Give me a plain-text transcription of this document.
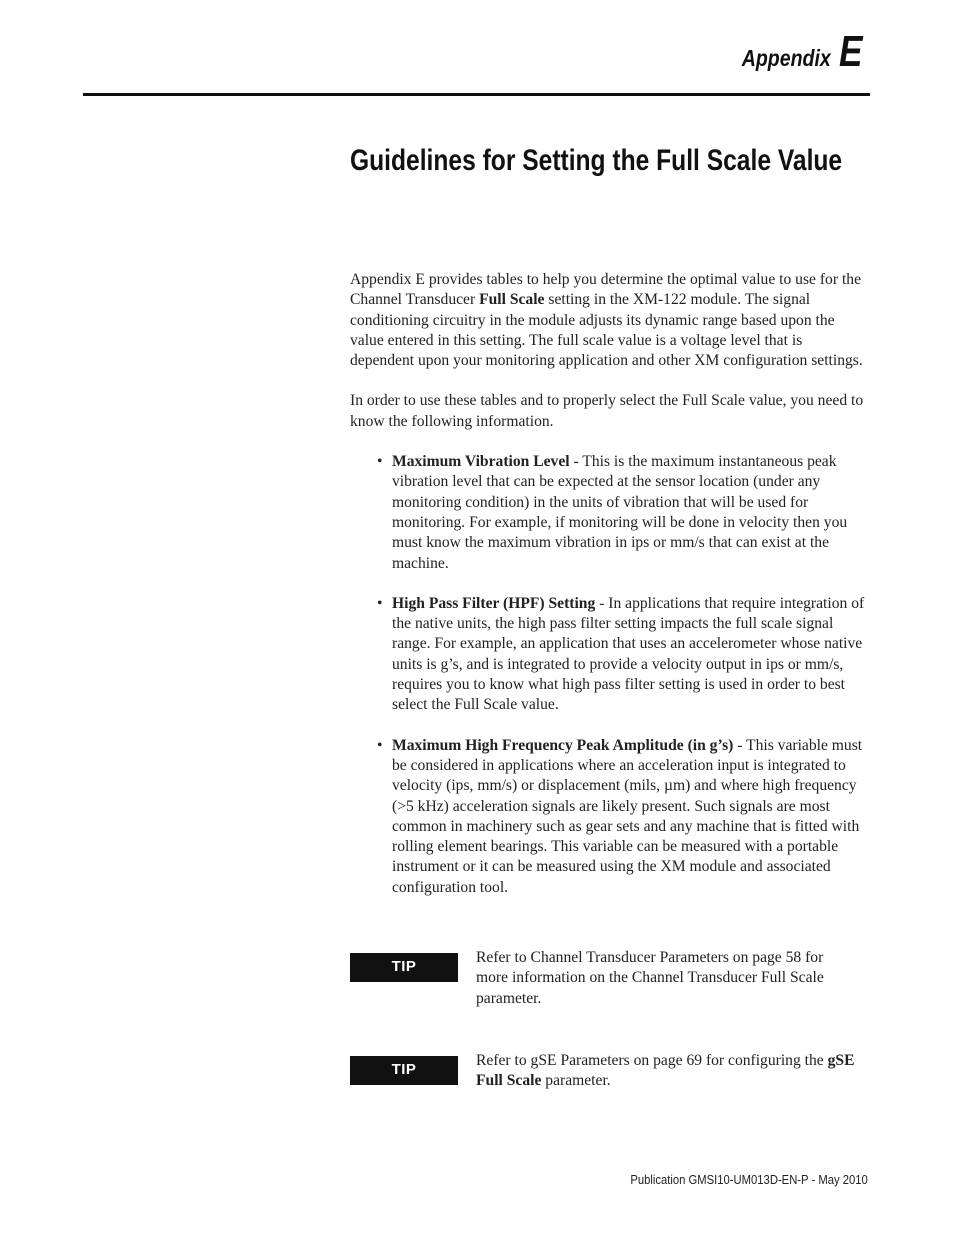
Appendix E
Guidelines for Setting the Full Scale Value

Appendix E provides tables to help you determine the optimal value to use for the Channel Transducer Full Scale setting in the XM-122 module. The signal conditioning circuitry in the module adjusts its dynamic range based upon the value entered in this setting. The full scale value is a voltage level that is dependent upon your monitoring application and other XM configuration settings.

In order to use these tables and to properly select the Full Scale value, you need to know the following information.

• Maximum Vibration Level - This is the maximum instantaneous peak vibration level that can be expected at the sensor location (under any monitoring condition) in the units of vibration that will be used for monitoring. For example, if monitoring will be done in velocity then you must know the maximum vibration in ips or mm/s that can exist at the machine.
• High Pass Filter (HPF) Setting - In applications that require integration of the native units, the high pass filter setting impacts the full scale signal range. For example, an application that uses an accelerometer whose native units is g’s, and is integrated to provide a velocity output in ips or mm/s, requires you to know what high pass filter setting is used in order to best select the Full Scale value.
• Maximum High Frequency Peak Amplitude (in g’s) - This variable must be considered in applications where an acceleration input is integrated to velocity (ips, mm/s) or displacement (mils, µm) and where high frequency (>5 kHz) acceleration signals are likely present. Such signals are most common in machinery such as gear sets and any machine that is fitted with rolling element bearings. This variable can be measured with a portable instrument or it can be measured using the XM module and associated configuration tool.
TIP
Refer to Channel Transducer Parameters on page 58 for more information on the Channel Transducer Full Scale parameter.
TIP
Refer to gSE Parameters on page 69 for configuring the gSE Full Scale parameter.
Publication GMSI10-UM013D-EN-P - May 2010
